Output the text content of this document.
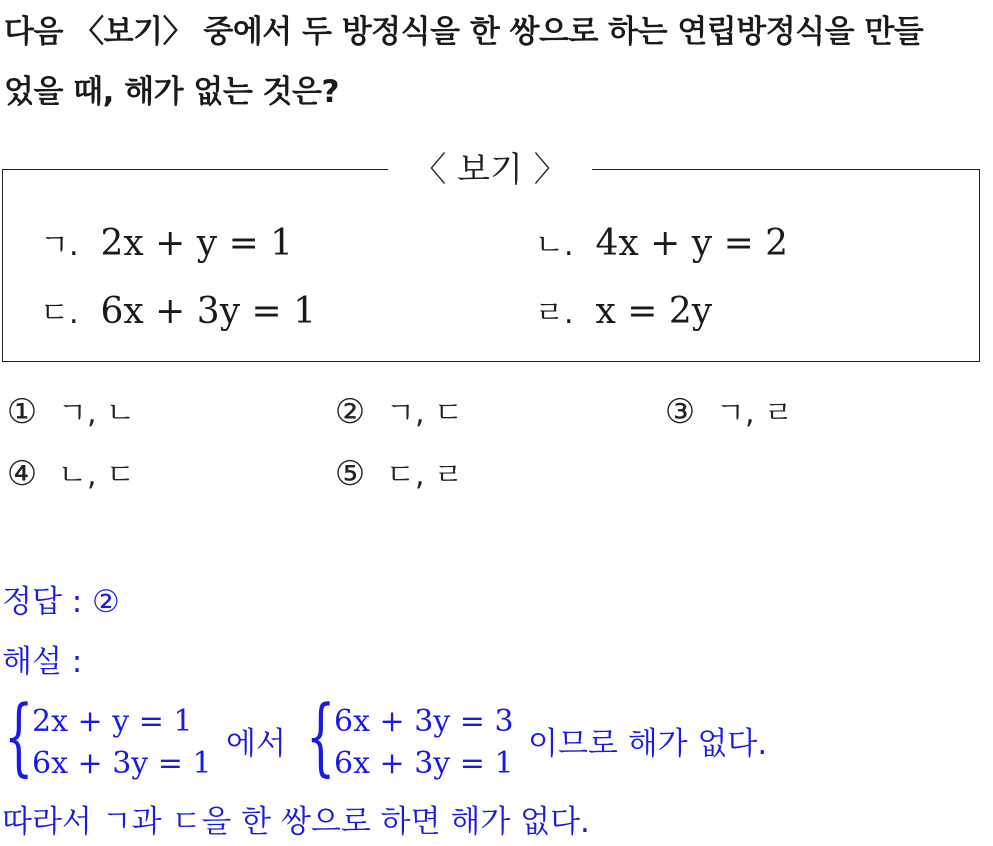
다음 〈보기〉 중에서 두 방정식을 한 쌍으로 하는 연립방정식을 만들
었을 때, 해가 없는 것은?
〈 보기 〉
ㄱ. 2x + y = 1	ㄴ. 4x + y = 2
ㄷ. 6x + 3y = 1	ㄹ. x = 2y
① ㄱ, ㄴ	② ㄱ, ㄷ	③ ㄱ, ㄹ
④ ㄴ, ㄷ	⑤ ㄷ, ㄹ
정답 : ②
해설 :
{
2x + y = 1
6x + 3y = 1
에서 {
6x + 3y = 3
6x + 3y = 1
이므로 해가 없다.
따라서 ㄱ과 ㄷ을 한 쌍으로 하면 해가 없다.
